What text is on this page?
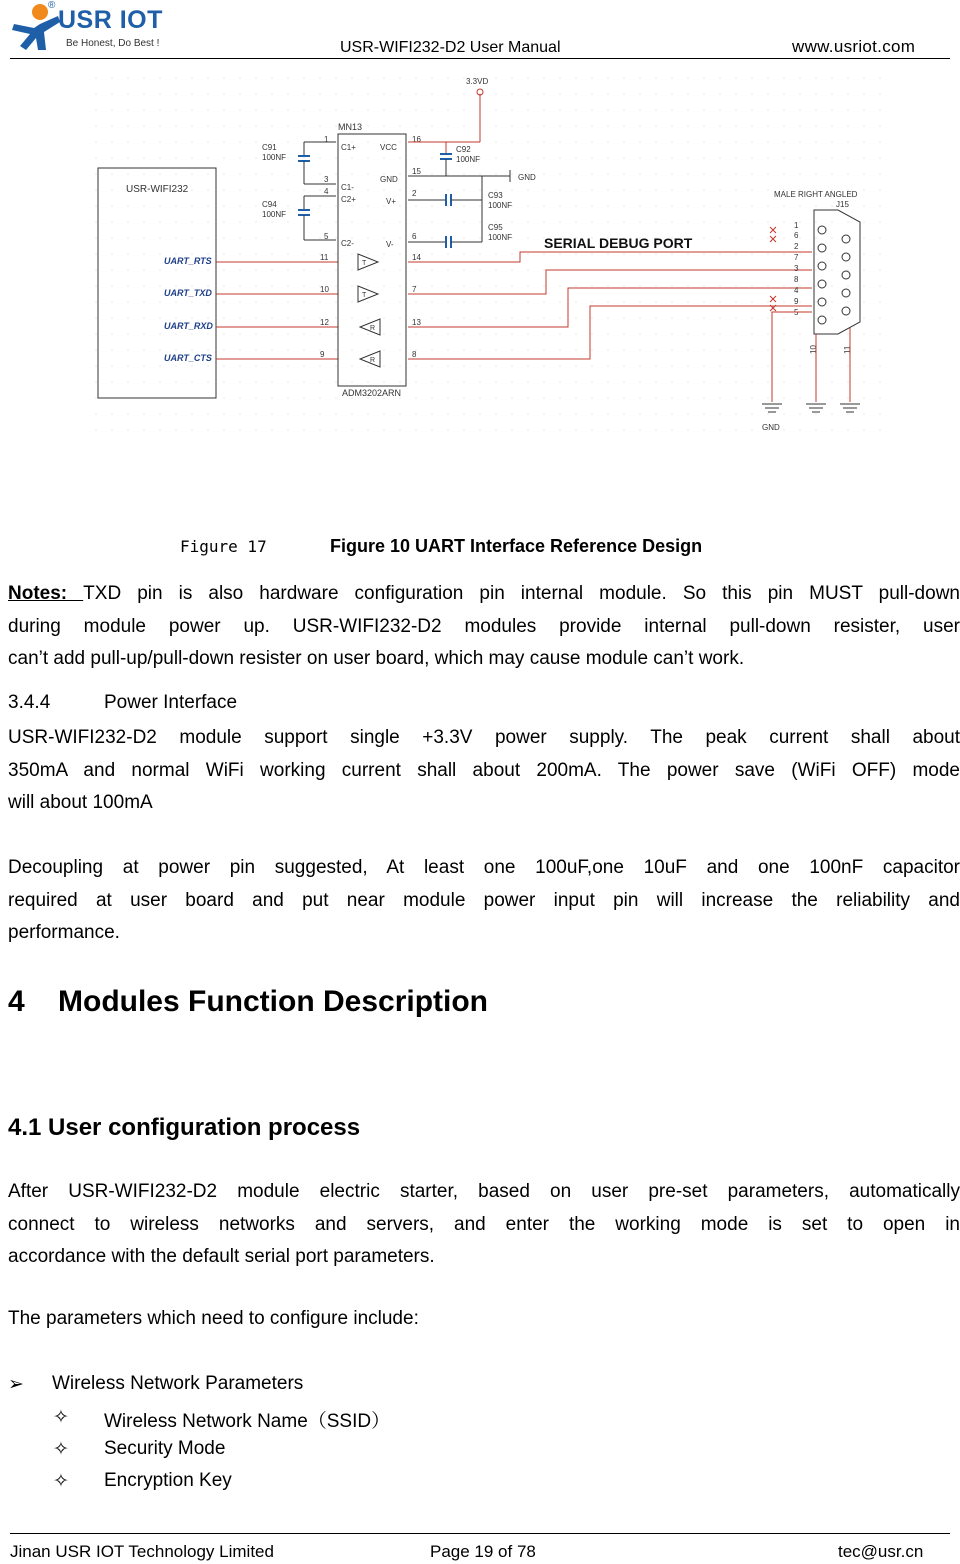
®
USR IOT
Be Honest, Do Best !	USR-WIFI232-D2 User Manual	www.usriot.com
USR-WIFI232
UART_RTS
UART_TXD
UART_RXD
UART_CTS
MN13
ADM3202ARN
1
C1+
3
C1-
4
C2+
5
C2-
11
10
12
9
16
VCC
15
GND
2
V+
6
V-
14
7
13
8
T
T
R
R
C91
100NF
C94
100NF
3.3VD
C92
100NF
C93
100NF
C95
100NF
GND
SERIAL DEBUG PORT
MALE RIGHT ANGLED
J15
1
6
2
7
3
8
4
9
5
10	11
GND
Figure 17	Figure 10 UART Interface Reference Design
Notes: TXD pin is also hardware configuration pin internal module. So this pin MUST pull-down
during module power up. USR-WIFI232-D2 modules provide internal pull-down resister, user
can’t add pull-up/pull-down resister on user board, which may cause module can’t work.
3.4.4	Power Interface
USR-WIFI232-D2 module support single +3.3V power supply. The peak current shall about
350mA and normal WiFi working current shall about 200mA. The power save (WiFi OFF) mode
will about 100mA
Decoupling at power pin suggested, At least one 100uF,one 10uF and one 100nF capacitor
required at user board and put near module power input pin will increase the reliability and
performance.
4 Modules Function Description
4.1 User configuration process
After USR-WIFI232-D2 module electric starter, based on user pre-set parameters, automatically
connect to wireless networks and servers, and enter the working mode is set to open in
accordance with the default serial port parameters.
The parameters which need to configure include:
➢ Wireless Network Parameters
✧ Wireless Network Name（SSID）
✧ Security Mode
✧ Encryption Key
Jinan USR IOT Technology Limited	Page 19 of 78	tec@usr.cn
